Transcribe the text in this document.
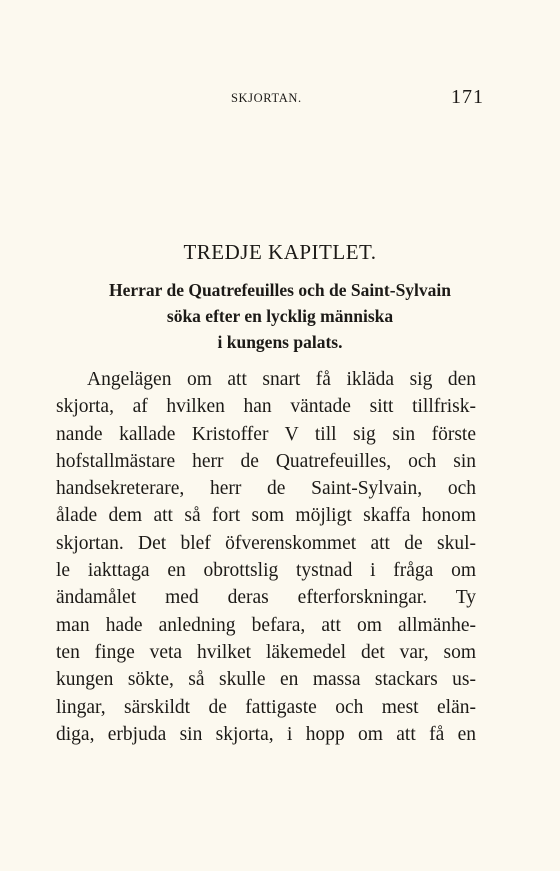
SKJORTAN.	171
TREDJE KAPITLET.
Herrar de Quatrefeuilles och de Saint-Sylvain
söka efter en lycklig människa
i kungens palats.
Angelägen om att snart få ikläda sig den
skjorta, af hvilken han väntade sitt tillfrisk-
nande kallade Kristoffer V till sig sin förste
hofstallmästare herr de Quatrefeuilles, och sin
handsekreterare, herr de Saint-Sylvain, och
ålade dem att så fort som möjligt skaffa honom
skjortan. Det blef öfverenskommet att de skul-
le iakttaga en obrottslig tystnad i fråga om
ändamålet med deras efterforskningar. Ty
man hade anledning befara, att om allmänhe-
ten finge veta hvilket läkemedel det var, som
kungen sökte, så skulle en massa stackars us-
lingar, särskildt de fattigaste och mest elän-
diga, erbjuda sin skjorta, i hopp om att få en
